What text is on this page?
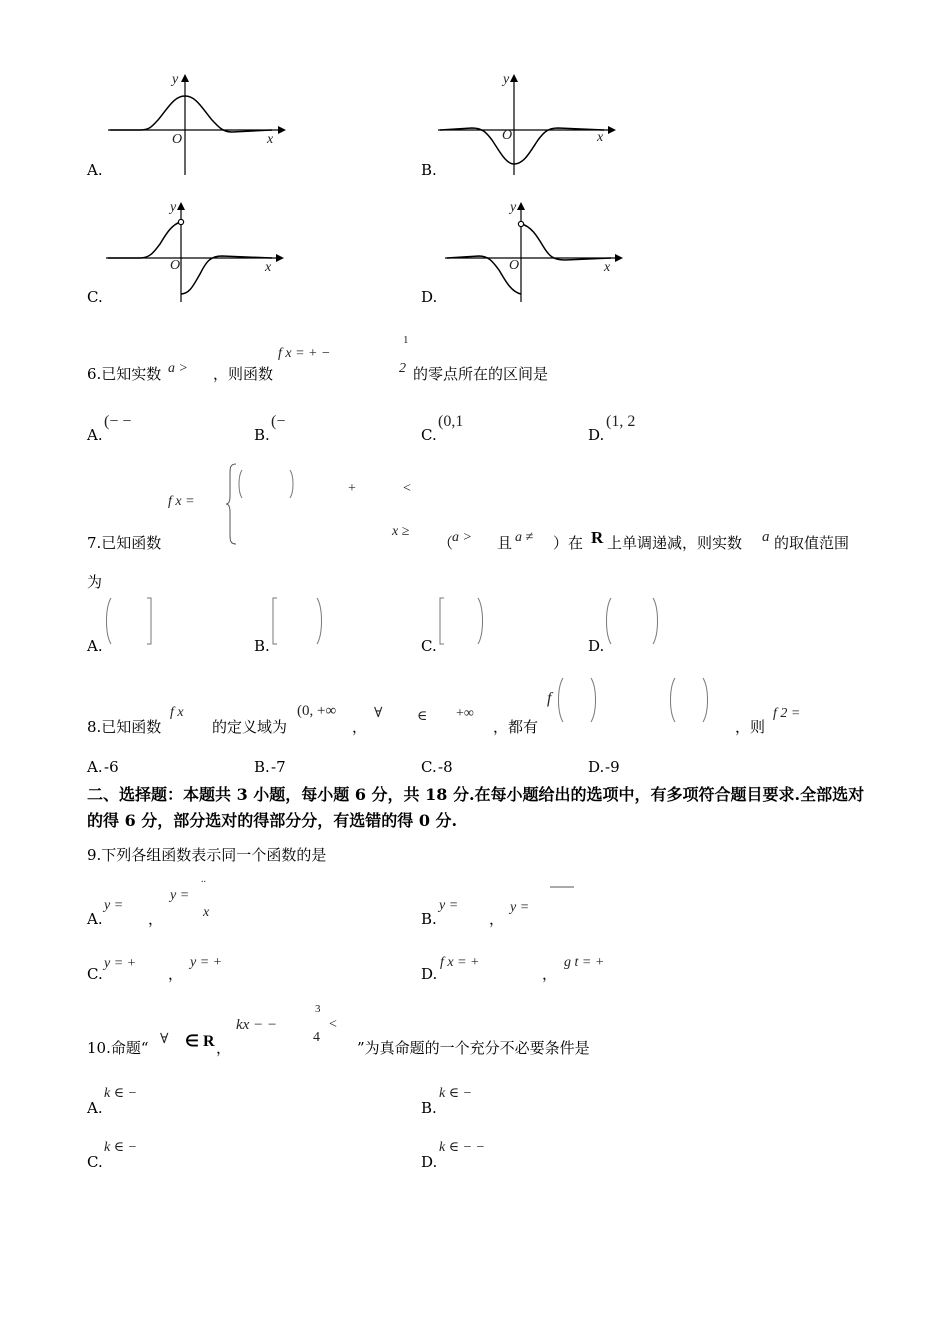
y
x
O
A.
y
x
O
B.
y
x
O
C.
y
x
O
D.
6.已知实数 a > ，则函数
f x = + −
1
2 的零点所在的区间是
A.
(− −
B.
(−
C.
(0,1
D.
(1, 2
f x =
+	<
x ≥
7.已知函数	（
a > 且 a ≠ ）在 R 上单调递减，则实数 a 的取值范围
为
A.	B.	C.	D.
8.已知函数
f x
的定义域为
(0, +∞
，
∀ ∈ +∞
，都有
f
，则
f 2 =
A. -6	B. -7	C. -8	D. -9
二、选择题：本题共 3 小题，每小题 6 分，共 18 分.在每小题给出的选项中，有多项符合题目要求.全部选对的得 6 分，部分选对的得部分分，有选错的得 0 分.
9.下列各组函数表示同一个函数的是
A.
y =
，
y =
..
x	B.
y =
，
y =
C.
y = +
，
y = +
D.
f x = +
，
g t = +
10.命题“ ∀ ∈ R ，
kx − −
3
4
<
”为真命题的一个充分不必要条件是
A.
k ∈ −
B.
k ∈ −
C.
k ∈ −
D.
k ∈ − −
